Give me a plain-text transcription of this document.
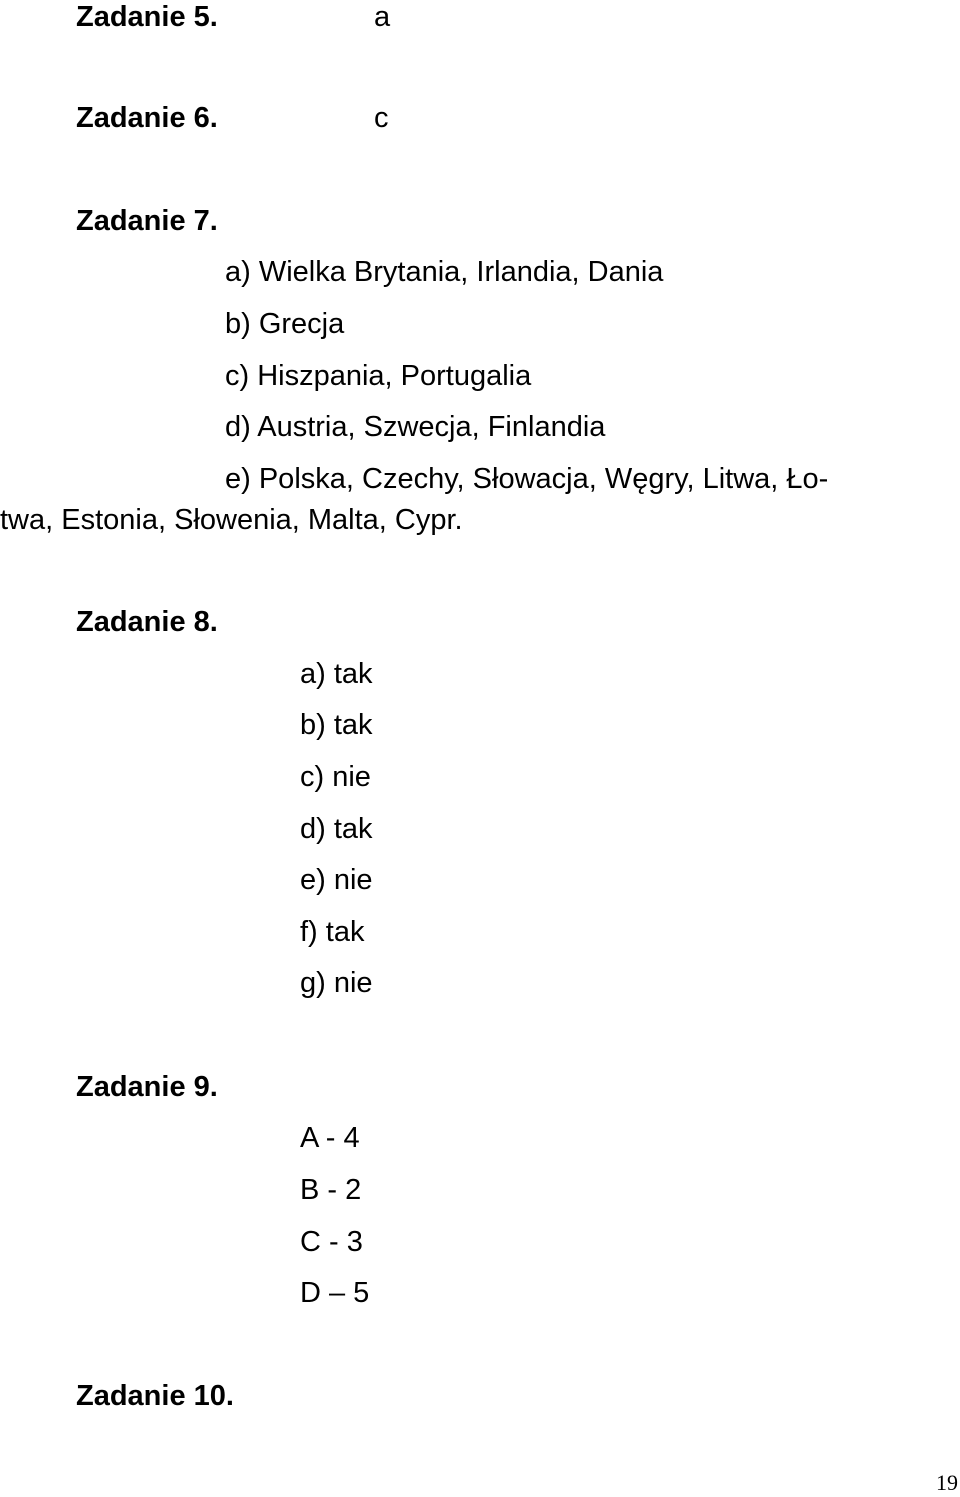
Zadanie 5.	a
Zadanie 6.	c
Zadanie 7.
a) Wielka Brytania, Irlandia, Dania
b) Grecja
c) Hiszpania, Portugalia
d) Austria, Szwecja, Finlandia
e) Polska, Czechy, Słowacja, Węgry, Litwa, Ło-
twa, Estonia, Słowenia, Malta, Cypr.
Zadanie 8.
a) tak
b) tak
c) nie
d) tak
e) nie
f) tak
g) nie
Zadanie 9.
A - 4
B - 2
C - 3
D – 5
Zadanie 10.
19
